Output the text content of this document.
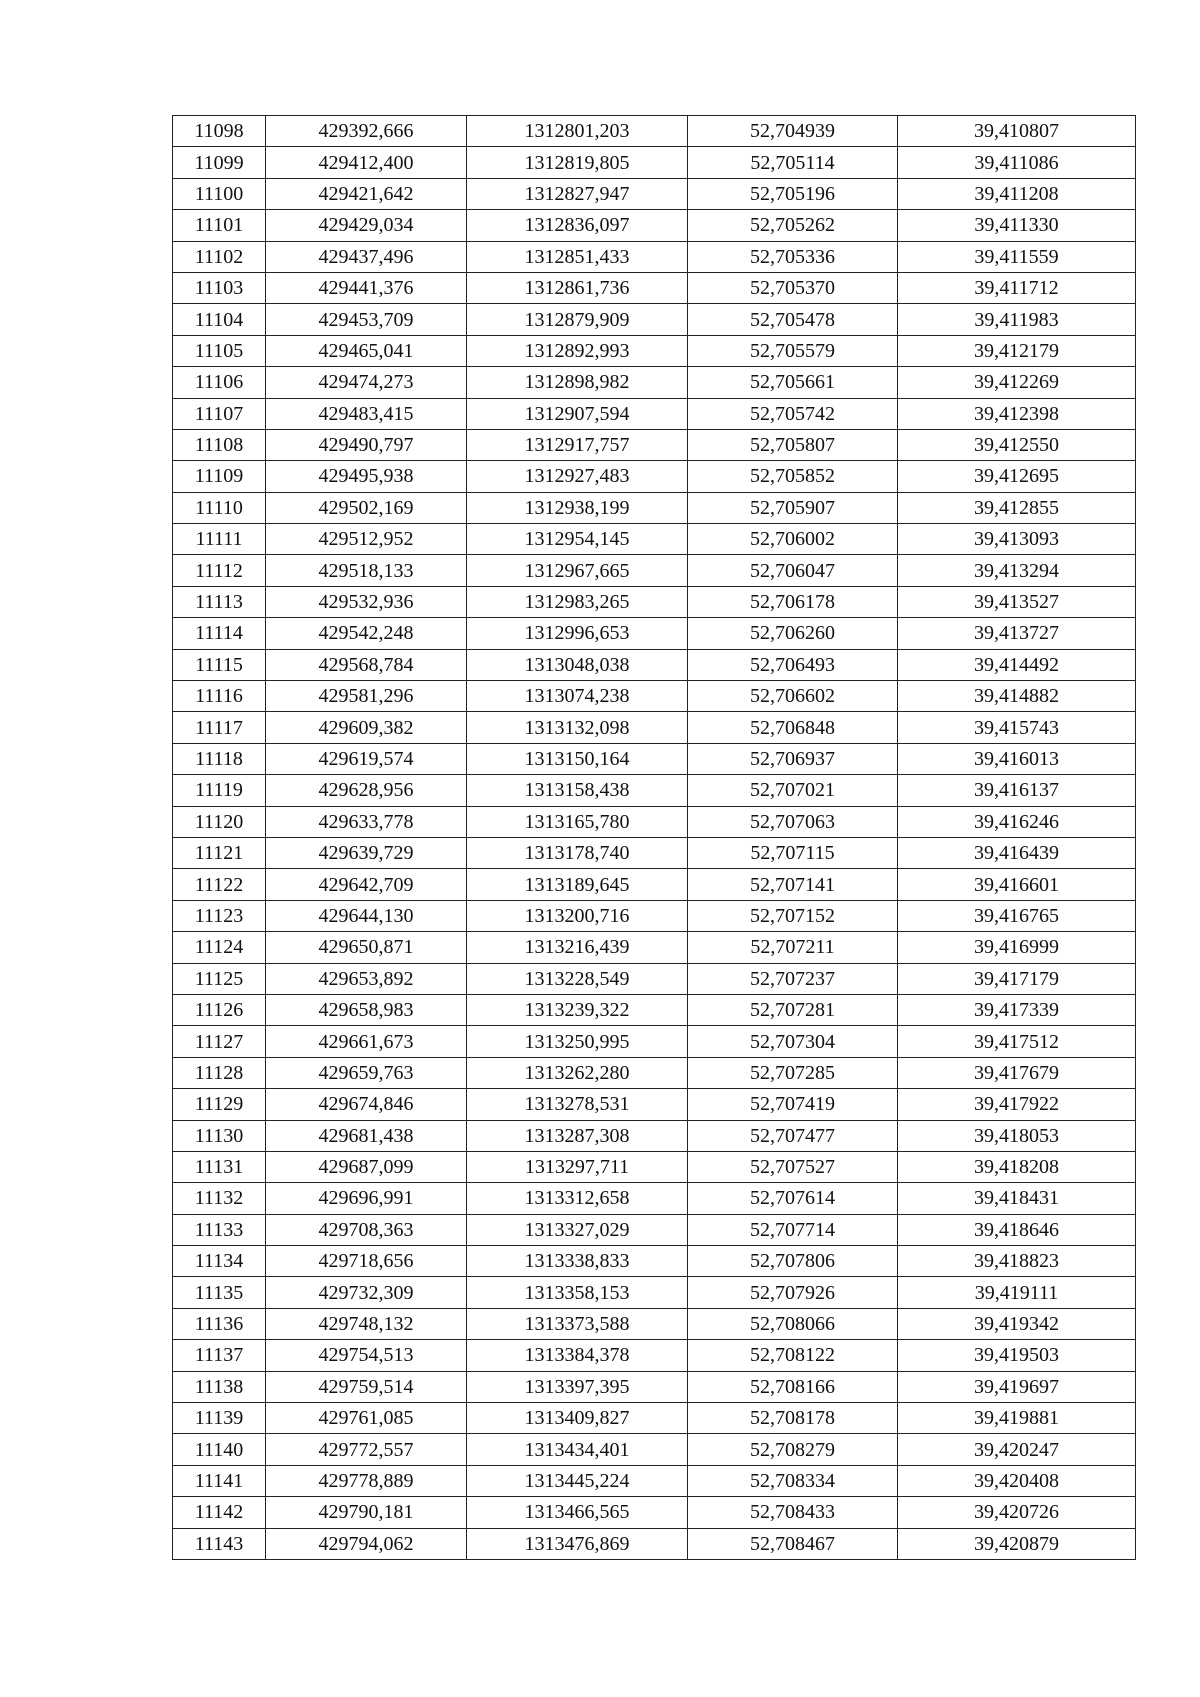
11098	429392,666	1312801,203	52,704939	39,410807
11099	429412,400	1312819,805	52,705114	39,411086
11100	429421,642	1312827,947	52,705196	39,411208
11101	429429,034	1312836,097	52,705262	39,411330
11102	429437,496	1312851,433	52,705336	39,411559
11103	429441,376	1312861,736	52,705370	39,411712
11104	429453,709	1312879,909	52,705478	39,411983
11105	429465,041	1312892,993	52,705579	39,412179
11106	429474,273	1312898,982	52,705661	39,412269
11107	429483,415	1312907,594	52,705742	39,412398
11108	429490,797	1312917,757	52,705807	39,412550
11109	429495,938	1312927,483	52,705852	39,412695
11110	429502,169	1312938,199	52,705907	39,412855
11111	429512,952	1312954,145	52,706002	39,413093
11112	429518,133	1312967,665	52,706047	39,413294
11113	429532,936	1312983,265	52,706178	39,413527
11114	429542,248	1312996,653	52,706260	39,413727
11115	429568,784	1313048,038	52,706493	39,414492
11116	429581,296	1313074,238	52,706602	39,414882
11117	429609,382	1313132,098	52,706848	39,415743
11118	429619,574	1313150,164	52,706937	39,416013
11119	429628,956	1313158,438	52,707021	39,416137
11120	429633,778	1313165,780	52,707063	39,416246
11121	429639,729	1313178,740	52,707115	39,416439
11122	429642,709	1313189,645	52,707141	39,416601
11123	429644,130	1313200,716	52,707152	39,416765
11124	429650,871	1313216,439	52,707211	39,416999
11125	429653,892	1313228,549	52,707237	39,417179
11126	429658,983	1313239,322	52,707281	39,417339
11127	429661,673	1313250,995	52,707304	39,417512
11128	429659,763	1313262,280	52,707285	39,417679
11129	429674,846	1313278,531	52,707419	39,417922
11130	429681,438	1313287,308	52,707477	39,418053
11131	429687,099	1313297,711	52,707527	39,418208
11132	429696,991	1313312,658	52,707614	39,418431
11133	429708,363	1313327,029	52,707714	39,418646
11134	429718,656	1313338,833	52,707806	39,418823
11135	429732,309	1313358,153	52,707926	39,419111
11136	429748,132	1313373,588	52,708066	39,419342
11137	429754,513	1313384,378	52,708122	39,419503
11138	429759,514	1313397,395	52,708166	39,419697
11139	429761,085	1313409,827	52,708178	39,419881
11140	429772,557	1313434,401	52,708279	39,420247
11141	429778,889	1313445,224	52,708334	39,420408
11142	429790,181	1313466,565	52,708433	39,420726
11143	429794,062	1313476,869	52,708467	39,420879
